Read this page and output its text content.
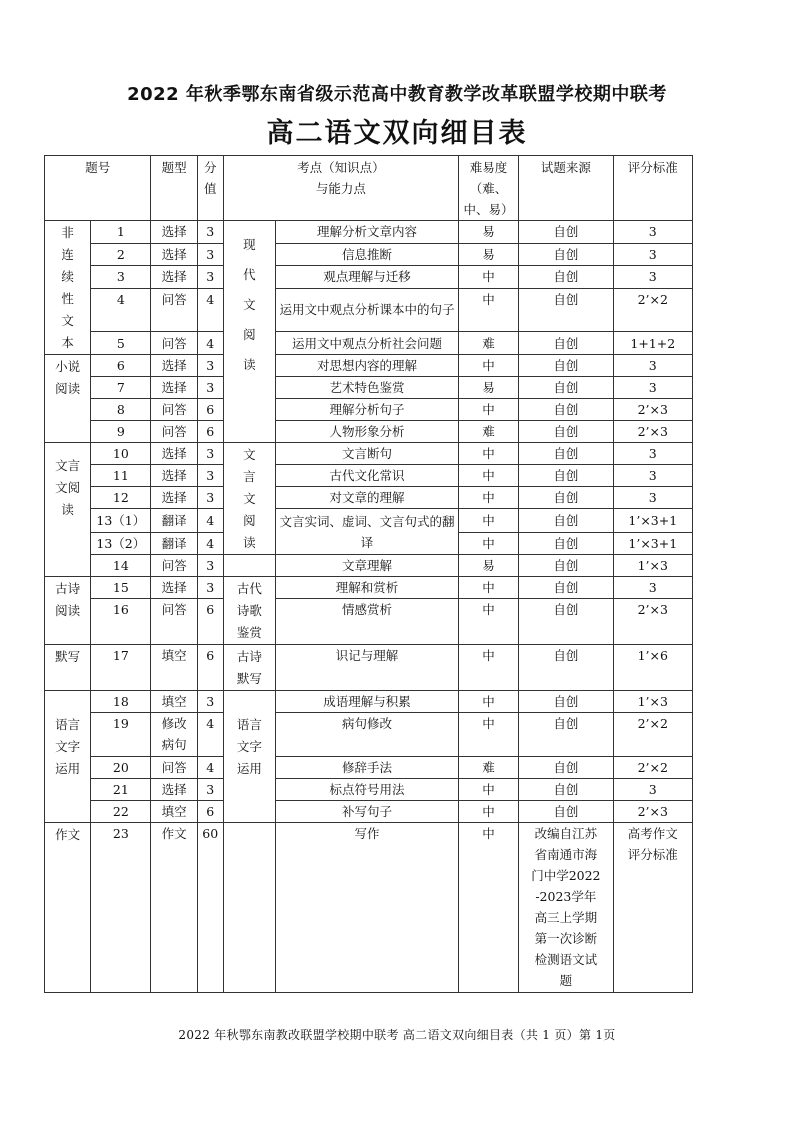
2022 年秋季鄂东南省级示范高中教育教学改革联盟学校期中联考
高二语文双向细目表
题号		题型	分值	考点（知识点）
与能力点		难易度（难、中、易）	试题来源	评分标准

非连续性文本	1	选择	3	现代文阅读	理解分析文章内容	易	自创	3
	2	选择	3		信息推断	易	自创	3
	3	选择	3		观点理解与迁移	中	自创	3
	4	问答	4		运用文中观点分析课本中的句子	中	自创	2’×2
	5	问答	4		运用文中观点分析社会问题	难	自创	1+1+2

小说阅读	6	选择	3		对思想内容的理解	中	自创	3
	7	选择	3		艺术特色鉴赏	易	自创	3
	8	问答	6		理解分析句子	中	自创	2’×3
	9	问答	6		人物形象分析	难	自创	2’×3

文言文阅读	10	选择	3	文言文阅读	文言断句	中	自创	3
	11	选择	3		古代文化常识	中	自创	3
	12	选择	3		对文章的理解	中	自创	3
	13（1）	翻译	4		文言实词、虚词、文言句式的翻译	中	自创	1’×3+1
	13（2）	翻译	4			中	自创	1’×3+1
	14	问答	3		文章理解	易	自创	1’×3

古诗阅读	15	选择	3	古代诗歌鉴赏	理解和赏析	中	自创	3
	16	问答	6		情感赏析	中	自创	2’×3

默写	17	填空	6	古诗默写	识记与理解	中	自创	1’×6

语言文字运用	18	填空	3	语言文字运用	成语理解与积累	中	自创	1’×3
	19	修改病句	4		病句修改	中	自创	2’×2
	20	问答	4		修辞手法	难	自创	2’×2
	21	选择	3		标点符号用法	中	自创	3
	22	填空	6		补写句子	中	自创	2’×3
作文	23	作文	60		写作	中	改编自江苏省南通市海门中学2022-2023学年高三上学期第一次诊断检测语文试题	高考作文评分标准
2022 年秋鄂东南教改联盟学校期中联考 高二语文双向细目表（共 1 页）第 1页
